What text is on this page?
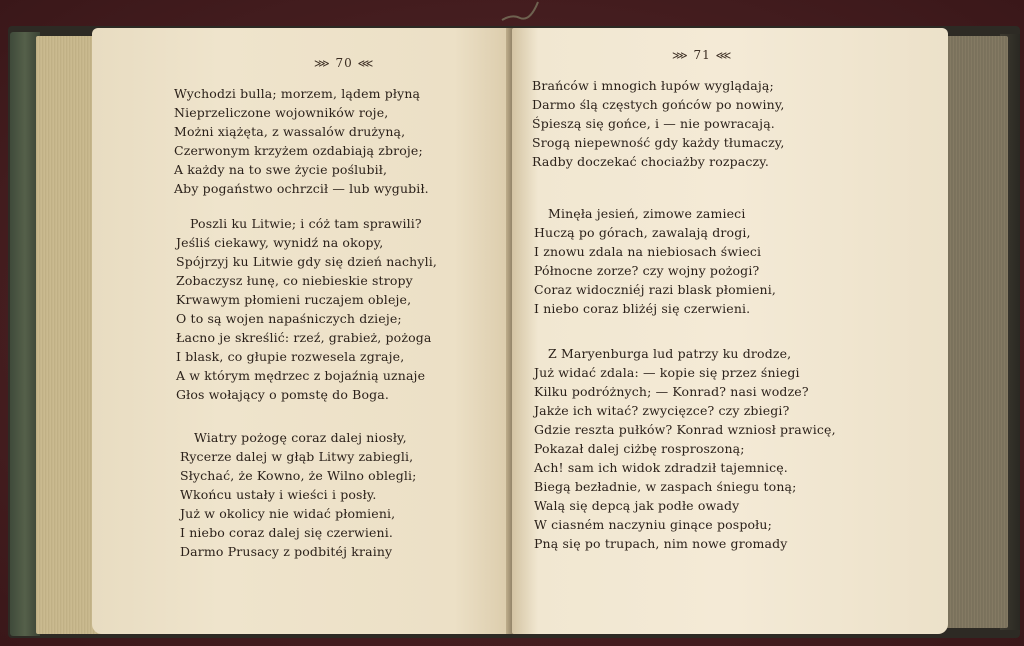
⋙ 70 ⋘
Wychodzi bulla; morzem, lądem płyną
Nieprzeliczone wojowników roje,
Możni xiążęta, z wassalów drużyną,
Czerwonym krzyżem ozdabiają zbroje;
A każdy na to swe życie poślubił,
Aby pogaństwo ochrzcił — lub wygubił.
Poszli ku Litwie; i cóż tam sprawili?
Jeśliś ciekawy, wynidź na okopy,
Spójrzyj ku Litwie gdy się dzień nachyli,
Zobaczysz łunę, co niebieskie stropy
Krwawym płomieni ruczajem obleje,
O to są wojen napaśniczych dzieje;
Łacno je skreślić: rzeź, grabież, pożoga
I blask, co głupie rozwesela zgraje,
A w którym mędrzec z bojaźnią uznaje
Głos wołający o pomstę do Boga.
Wiatry pożogę coraz dalej niosły,
Rycerze dalej w głąb Litwy zabiegli,
Słychać, że Kowno, że Wilno oblegli;
Wkońcu ustały i wieści i posły.
Już w okolicy nie widać płomieni,
I niebo coraz dalej się czerwieni.
Darmo Prusacy z podbitéj krainy
⋙ 71 ⋘
Brańców i mnogich łupów wyglądają;
Darmo ślą częstych gońców po nowiny,
Śpieszą się gońce, i — nie powracają.
Srogą niepewność gdy każdy tłumaczy,
Radby doczekać chociażby rozpaczy.
Minęła jesień, zimowe zamieci
Huczą po górach, zawalają drogi,
I znowu zdala na niebiosach świeci
Północne zorze? czy wojny pożogi?
Coraz widoczniéj razi blask płomieni,
I niebo coraz bliżéj się czerwieni.
Z Maryenburga lud patrzy ku drodze,
Już widać zdala: — kopie się przez śniegi
Kilku podróżnych; — Konrad? nasi wodze?
Jakże ich witać? zwycięzce? czy zbiegi?
Gdzie reszta pułków? Konrad wzniosł prawicę,
Pokazał dalej ciżbę rosproszoną;
Ach! sam ich widok zdradził tajemnicę.
Biegą bezładnie, w zaspach śniegu toną;
Walą się depcą jak podłe owady
W ciasném naczyniu ginące pospołu;
Pną się po trupach, nim nowe gromady
